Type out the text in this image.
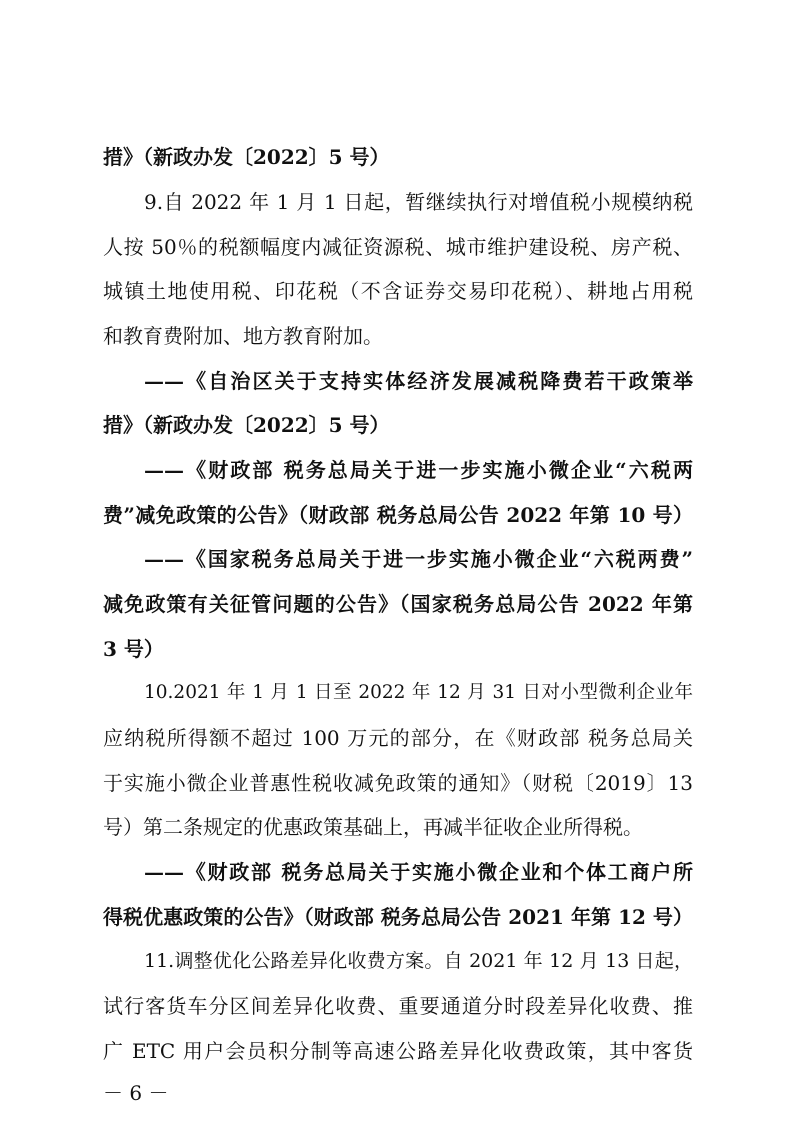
措》（新政办发〔2022〕5 号）
9.自 2022 年 1 月 1 日起，暂继续执行对增值税小规模纳税
人按 50％的税额幅度内减征资源税、城市维护建设税、房产税、
城镇土地使用税、印花税（不含证券交易印花税）、耕地占用税
和教育费附加、地方教育附加。
——《自治区关于支持实体经济发展减税降费若干政策举
措》（新政办发〔2022〕5 号）
——《财政部 税务总局关于进一步实施小微企业“六税两
费”减免政策的公告》（财政部 税务总局公告 2022 年第 10 号）
——《国家税务总局关于进一步实施小微企业“六税两费”
减免政策有关征管问题的公告》（国家税务总局公告 2022 年第
3 号）
10.2021 年 1 月 1 日至 2022 年 12 月 31 日对小型微利企业年
应纳税所得额不超过 100 万元的部分，在《财政部 税务总局关
于实施小微企业普惠性税收减免政策的通知》（财税〔2019〕13
号）第二条规定的优惠政策基础上，再减半征收企业所得税。
——《财政部 税务总局关于实施小微企业和个体工商户所
得税优惠政策的公告》（财政部 税务总局公告 2021 年第 12 号）
11.调整优化公路差异化收费方案。自 2021 年 12 月 13 日起，
试行客货车分区间差异化收费、重要通道分时段差异化收费、推
广 ETC 用户会员积分制等高速公路差异化收费政策，其中客货
－ 6 －
